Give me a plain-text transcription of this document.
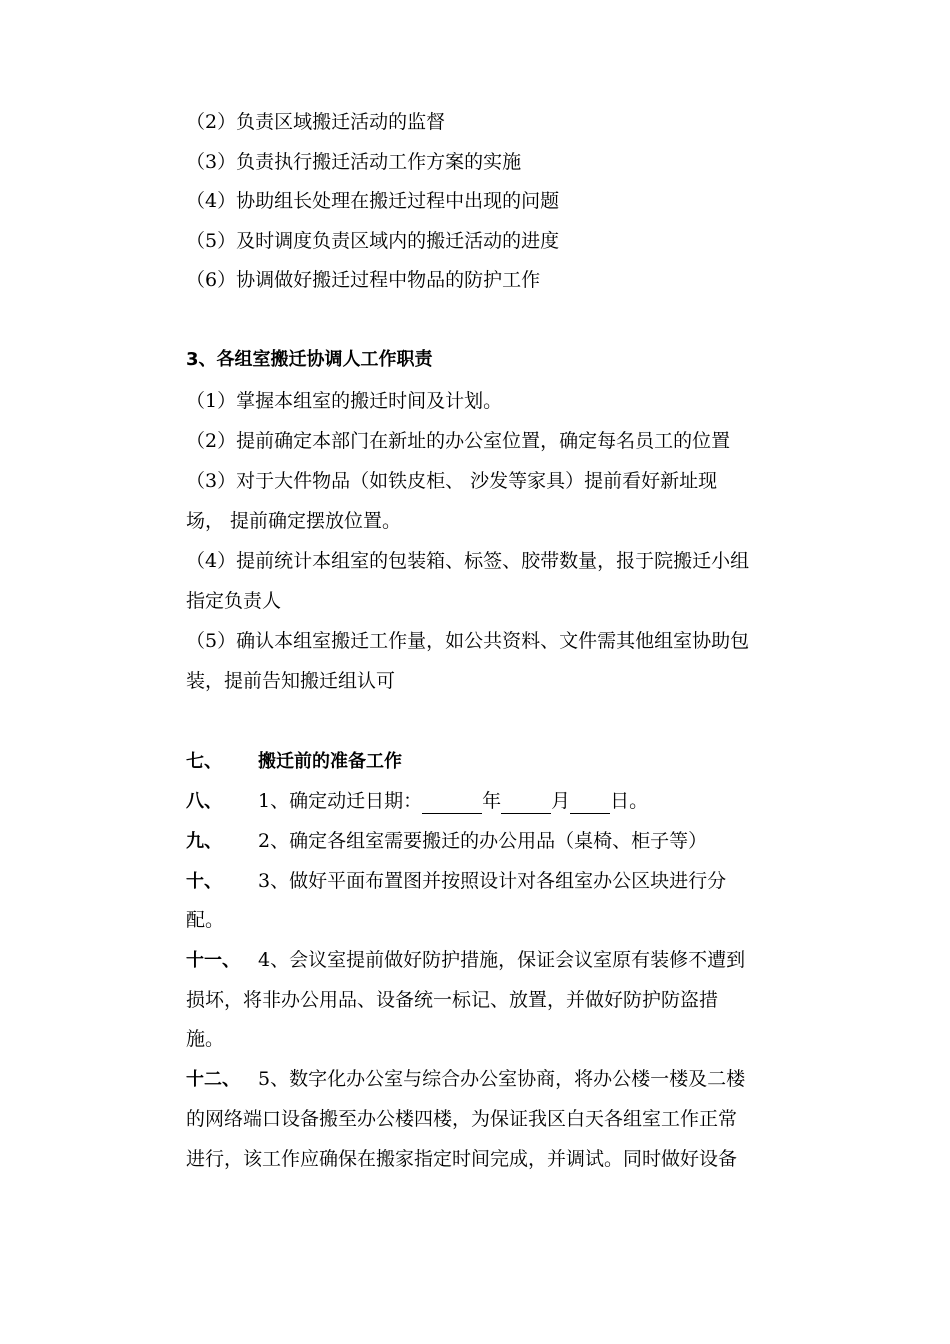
（2）负责区域搬迁活动的监督
（3）负责执行搬迁活动工作方案的实施
（4）协助组长处理在搬迁过程中出现的问题
（5）及时调度负责区域内的搬迁活动的进度
（6）协调做好搬迁过程中物品的防护工作
3、各组室搬迁协调人工作职责
（1）掌握本组室的搬迁时间及计划。
（2）提前确定本部门在新址的办公室位置，确定每名员工的位置
（3）对于大件物品（如铁皮柜、 沙发等家具）提前看好新址现
场， 提前确定摆放位置。
（4）提前统计本组室的包装箱、标签、胶带数量，报于院搬迁小组
指定负责人
（5）确认本组室搬迁工作量，如公共资料、文件需其他组室协助包
装，提前告知搬迁组认可
七、 搬迁前的准备工作
八、 1、确定动迁日期：	年	月 日。
九、 2、确定各组室需要搬迁的办公用品（桌椅、柜子等）
十、 3、做好平面布置图并按照设计对各组室办公区块进行分
配。
十一、 4、会议室提前做好防护措施，保证会议室原有装修不遭到
损坏，将非办公用品、设备统一标记、放置，并做好防护防盗措
施。
十二、 5、数字化办公室与综合办公室协商，将办公楼一楼及二楼
的网络端口设备搬至办公楼四楼，为保证我区白天各组室工作正常
进行，该工作应确保在搬家指定时间完成，并调试。同时做好设备
